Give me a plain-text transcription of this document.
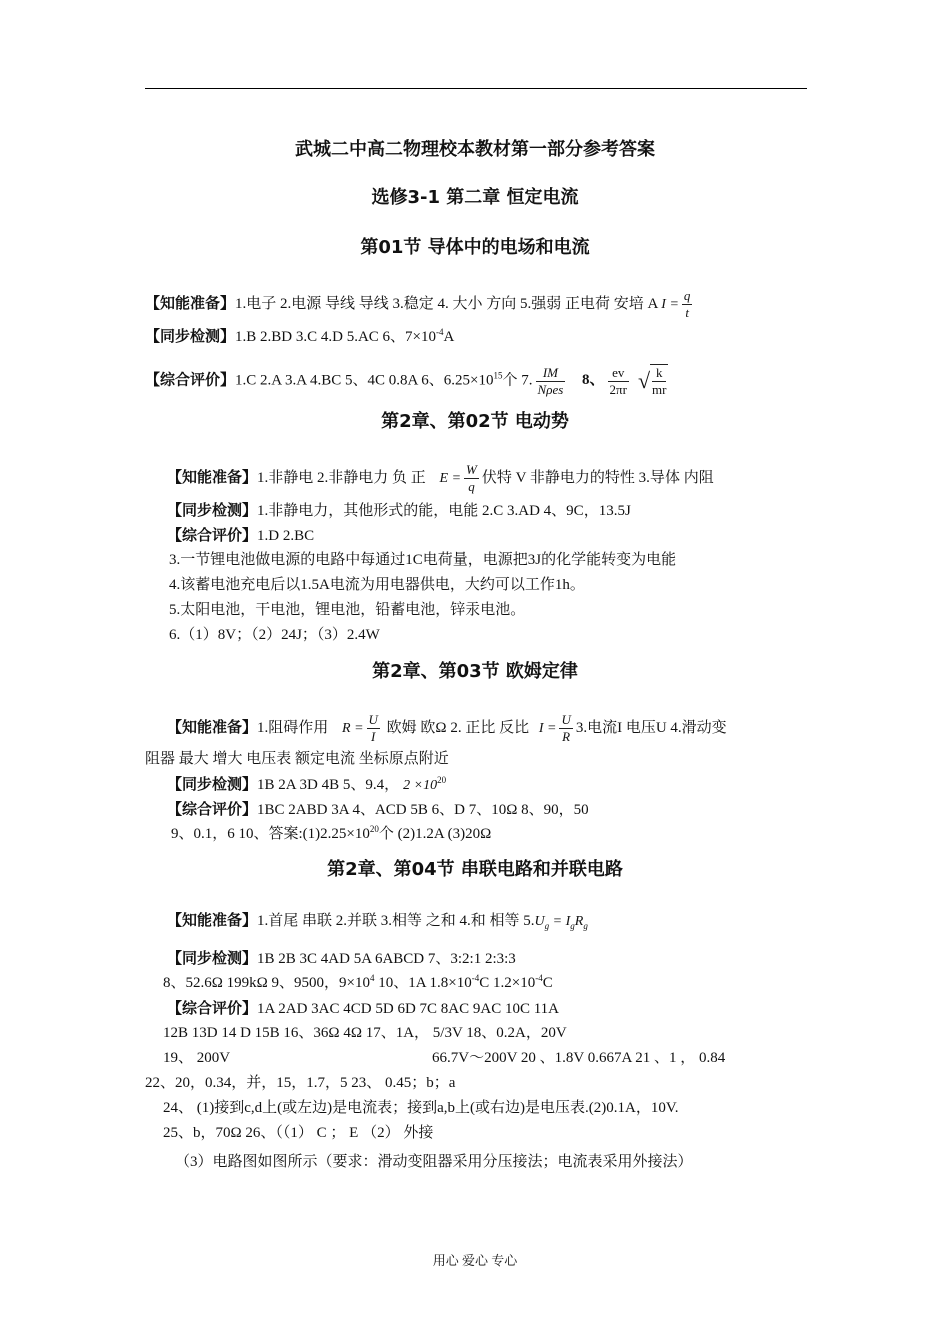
武城二中高二物理校本教材第一部分参考答案
选修3-1 第二章 恒定电流
第01节 导体中的电场和电流
【知能准备】1.电子 2.电源 导线 导线 3.稳定 4. 大小 方向 5.强弱 正电荷 安培 A $I = \frac{q}{t}$
【同步检测】1.B 2.BD 3.C 4.D 5.AC 6、$7\times 10^{-4}A$
【综合评价】1.C 2.A 3.A 4.BC 5、4C 0.8A 6、$6.25\times 10^{15}$个 7. $\frac{IM}{\text{Nρes}} 8$、 $\frac{ev}{2\pi r}$ √ $\frac{k}{mr}$
第2章、第02节 电动势
【知能准备】1.非静电 2.非静电力 负 正 $E = \frac{W}{q}$ 伏特 V 非静电力的特性 3.导体 内阻
【同步检测】1.非静电力，其他形式的能，电能 2.C 3.AD 4、9C，13.5J
【综合评价】1.D 2.BC
3.一节锂电池做电源的电路中每通过1C电荷量，电源把3J的化学能转变为电能
4.该蓄电池充电后以1.5A电流为用电器供电，大约可以工作1h。
5.太阳电池，干电池，锂电池，铅蓄电池，锌汞电池。
6.（1）8V；（2）24J；（3）2.4W
第2章、第03节 欧姆定律
【知能准备】1.阻碍作用 $R = \frac{U}{I}$ 欧姆 欧Ω 2. 正比 反比 $I = \frac{U}{R} 3$.电流I 电压U 4.滑动变
阻器 最大 增大 电压表 额定电流 坐标原点附近
【同步检测】1B 2A 3D 4B 5、9.4， $2 \times 10^{20}$
【综合评价】1BC 2ABD 3A 4、ACD 5B 6、D 7、10Ω 8、90，50
9、0.1，6 10、答案$:(1)2.25\times 10^{20}$个 (2)1.2A (3)20Ω
第2章、第04节 串联电路和并联电路
【知能准备】1.首尾 串联 2.并联 3.相等 之和 4.和 相等 $5.U_g = I_gR_g$
【同步检测】1B 2B 3C 4AD 5A 6ABCD 7、3:2:1 2:3:3
8、52.6Ω 199kΩ 9、9500，$9\times 10^4$ 10、1A $1.8\times 10^{-4}C$ $1.2\times 10^{-4}C$
【综合评价】1A 2AD 3AC 4CD 5D 6D 7C 8AC 9AC 10C 11A
12B 13D 14 D 15B 16、36Ω 4Ω 17、1A， 5/3V 18、0.2A，20V
19、 200V	66.7V～200V 20 、1.8V 0.667A 21 、1 ， 0.84
22、20，0.34，并，15，1.7，5 23、 0.45；b；a
24、 (1)接到c,d上(或左边)是电流表；接到a,b上(或右边)是电压表.(2)0.1A，10V.
25、b，70Ω 26、（（1） C ； E （2） 外接
（3）电路图如图所示（要求：滑动变阻器采用分压接法；电流表采用外接法）
用心 爱心 专心
